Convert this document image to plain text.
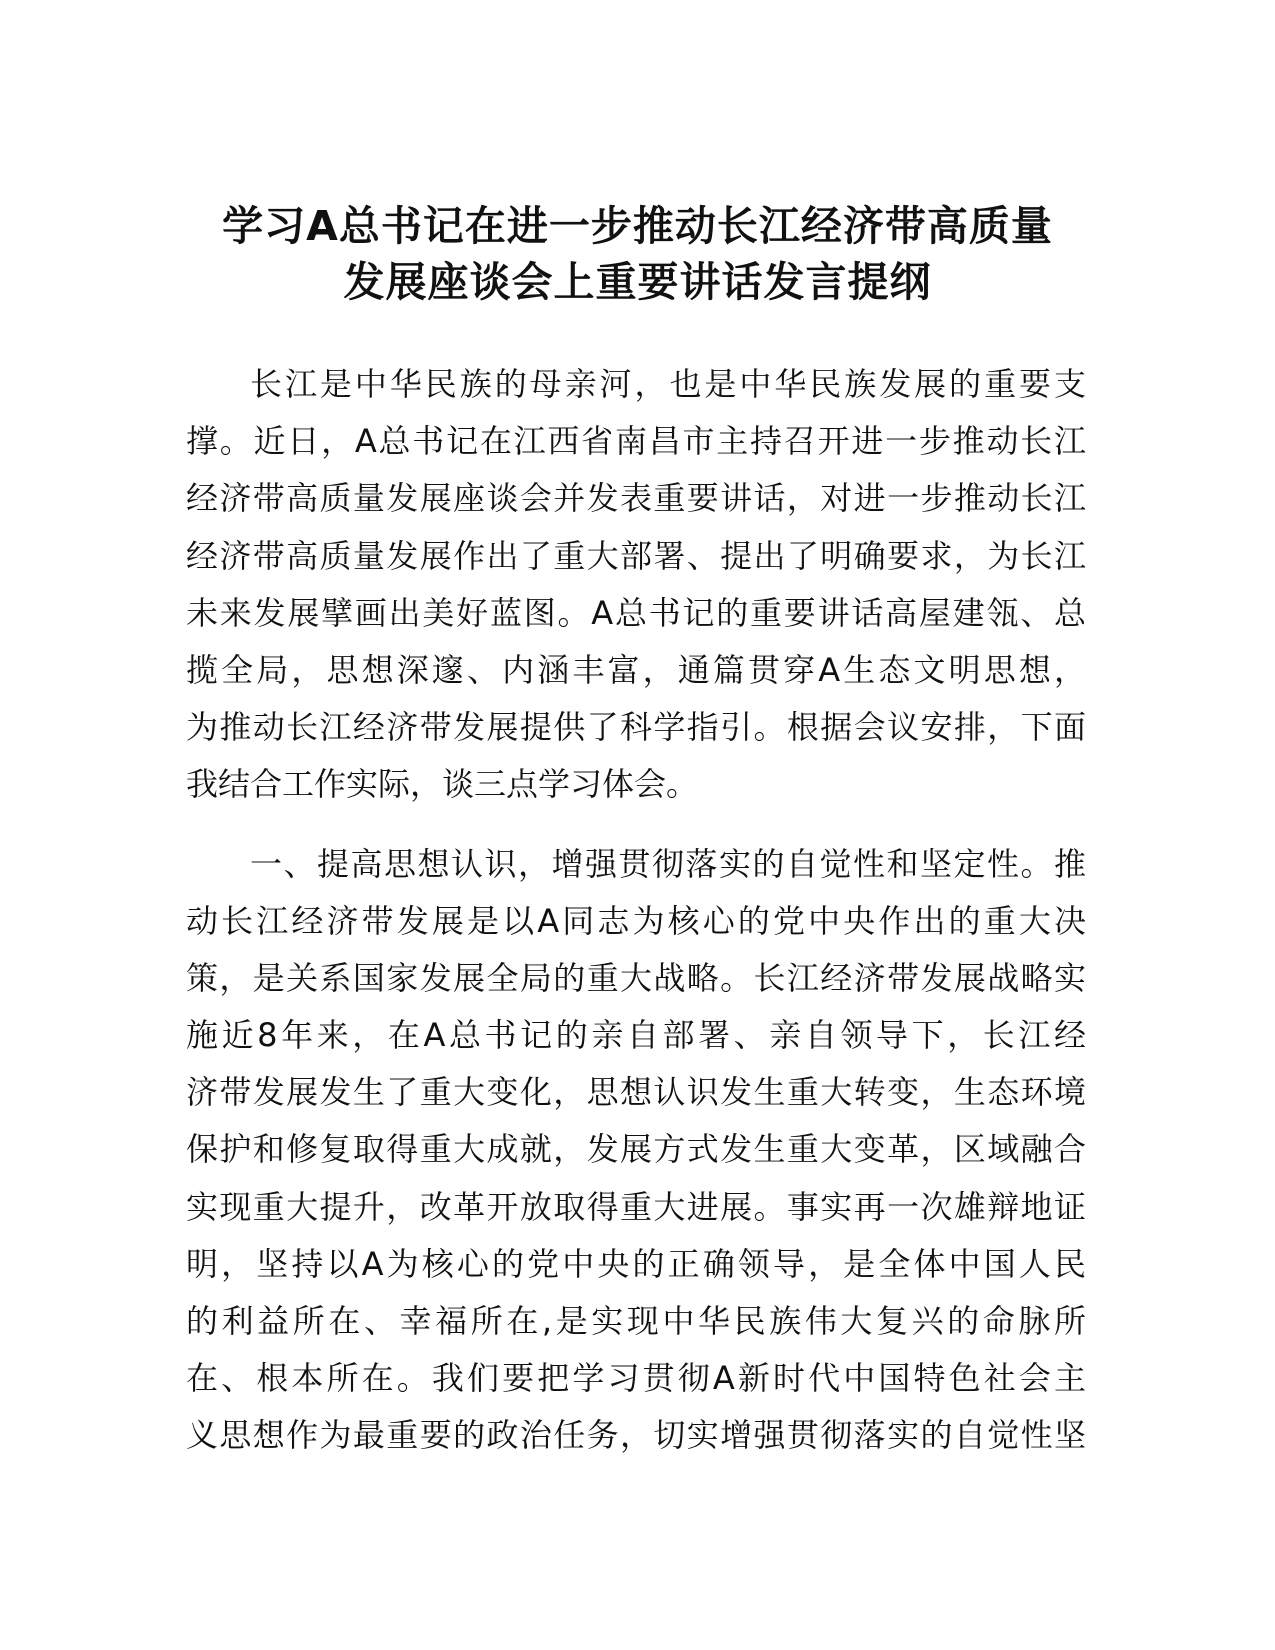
学习A总书记在进一步推动长江经济带高质量
发展座谈会上重要讲话发言提纲
长江是中华民族的母亲河，也是中华民族发展的重要支
撑。近日，A总书记在江西省南昌市主持召开进一步推动长江
经济带高质量发展座谈会并发表重要讲话，对进一步推动长江
经济带高质量发展作出了重大部署、提出了明确要求，为长江
未来发展擘画出美好蓝图。A总书记的重要讲话高屋建瓴、总
揽全局，思想深邃、内涵丰富，通篇贯穿A生态文明思想，
为推动长江经济带发展提供了科学指引。根据会议安排，下面
我结合工作实际，谈三点学习体会。
一、提高思想认识，增强贯彻落实的自觉性和坚定性。推
动长江经济带发展是以A同志为核心的党中央作出的重大决
策，是关系国家发展全局的重大战略。长江经济带发展战略实
施近8年来，在A总书记的亲自部署、亲自领导下，长江经
济带发展发生了重大变化，思想认识发生重大转变，生态环境
保护和修复取得重大成就，发展方式发生重大变革，区域融合
实现重大提升，改革开放取得重大进展。事实再一次雄辩地证
明，坚持以A为核心的党中央的正确领导，是全体中国人民
的利益所在、幸福所在,是实现中华民族伟大复兴的命脉所
在、根本所在。我们要把学习贯彻A新时代中国特色社会主
义思想作为最重要的政治任务，切实增强贯彻落实的自觉性坚
